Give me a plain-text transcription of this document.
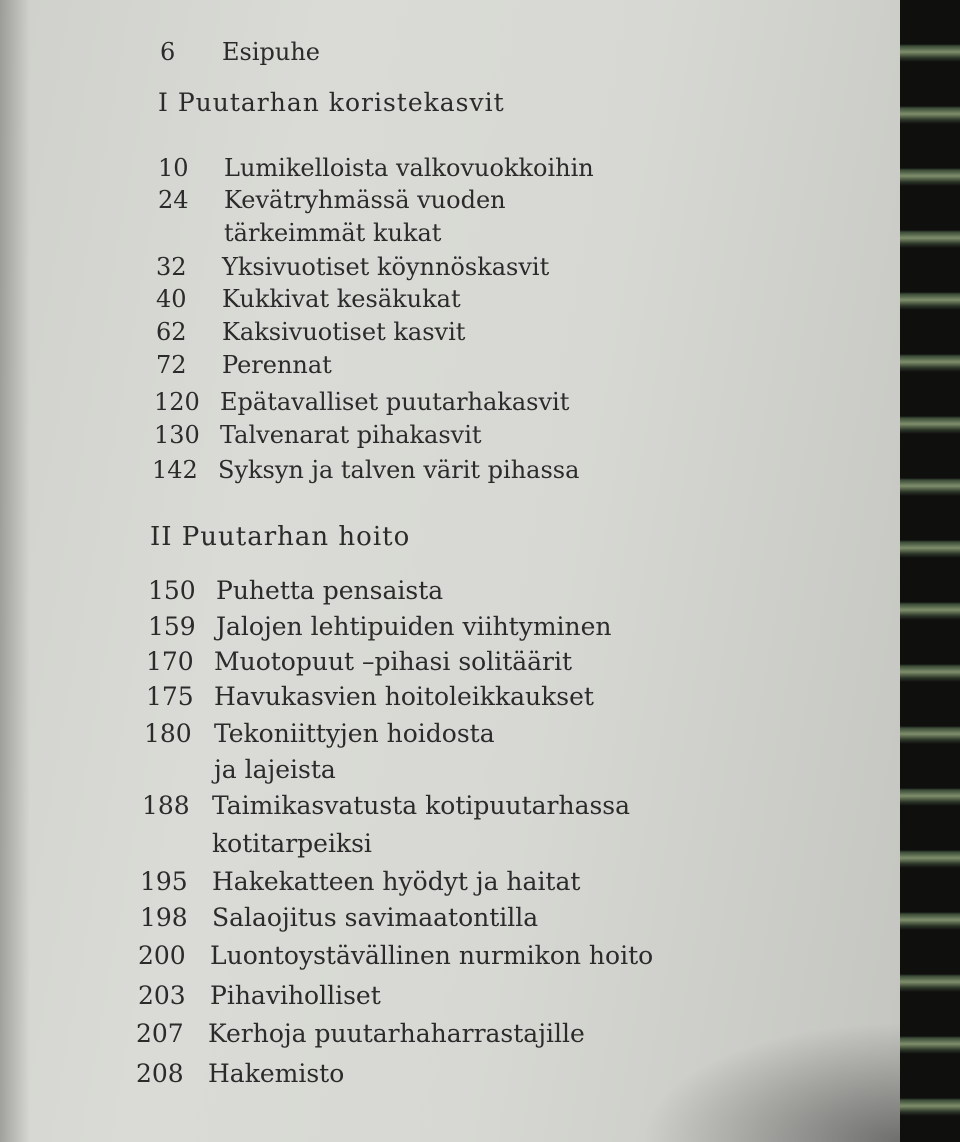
6 Esipuhe
I Puutarhan koristekasvit
10 Lumikelloista valkovuokkoihin
24 Kevätryhmässä vuoden
tärkeimmät kukat
32 Yksivuotiset köynnöskasvit
40 Kukkivat kesäkukat
62 Kaksivuotiset kasvit
72 Perennat
120 Epätavalliset puutarhakasvit
130 Talvenarat pihakasvit
142 Syksyn ja talven värit pihassa
II Puutarhan hoito
150 Puhetta pensaista
159 Jalojen lehtipuiden viihtyminen
170 Muotopuut –pihasi solitäärit
175 Havukasvien hoitoleikkaukset
180 Tekoniittyjen hoidosta
ja lajeista
188 Taimikasvatusta kotipuutarhassa
kotitarpeiksi
195 Hakekatteen hyödyt ja haitat
198 Salaojitus savimaatontilla
200 Luontoystävällinen nurmikon hoito
203 Pihaviholliset
207 Kerhoja puutarhaharrastajille
208 Hakemisto
